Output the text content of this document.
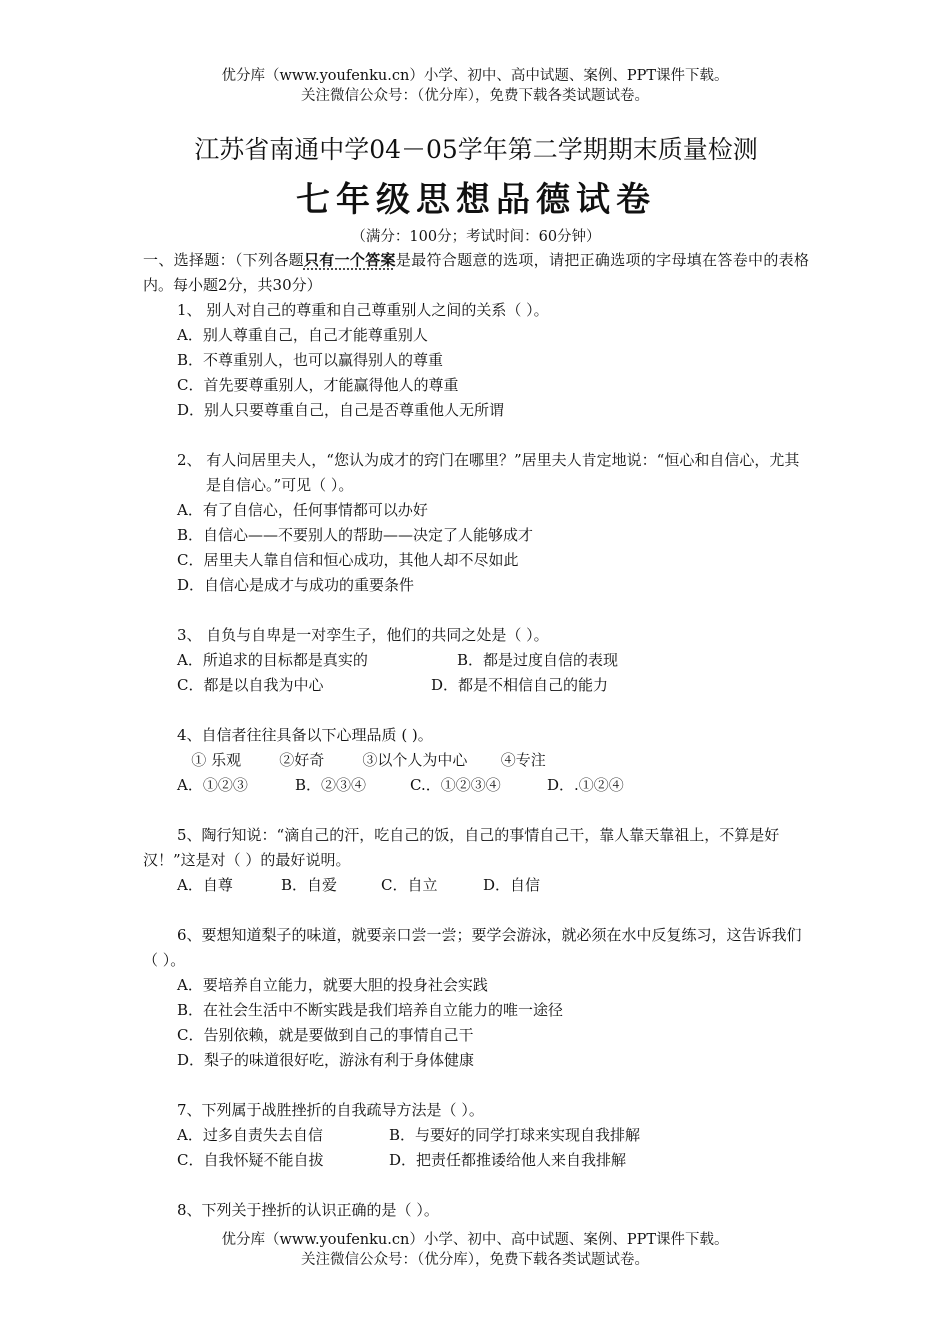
优分库（www.youfenku.cn）小学、初中、高中试题、案例、PPT课件下载。
关注微信公众号：（优分库），免费下载各类试题试卷。

江苏省南通中学04－05学年第二学期期末质量检测

七年级思想品德试卷

（满分：100分；考试时间：60分钟）

一、选择题：（下列各题只有一个答案是最符合题意的选项，请把正确选项的字母填在答卷中的表格内。每小题2分，共30分）

1、 别人对自己的尊重和自己尊重别人之间的关系（ ）。
A．别人尊重自己，自己才能尊重别人
B．不尊重别人，也可以赢得别人的尊重
C．首先要尊重别人，才能赢得他人的尊重
D．别人只要尊重自己，自己是否尊重他人无所谓
2、 有人问居里夫人，“您认为成才的窍门在哪里？”居里夫人肯定地说：“恒心和自信心，尤其是自信心。”可见（ ）。
A．有了自信心，任何事情都可以办好
B．自信心——不要别人的帮助——决定了人能够成才
C．居里夫人靠自信和恒心成功，其他人却不尽如此
D．自信心是成才与成功的重要条件
3、 自负与自卑是一对孪生子，他们的共同之处是（ ）。
A．所追求的目标都是真实的	B．都是过度自信的表现
C．都是以自我为中心	D．都是不相信自己的能力
4、自信者往往具备以下心理品质 ( )。
① 乐观        ②好奇        ③以个人为中心       ④专注
A．①②③	B．②③④	C.．①②③④	D．.①②④
5、陶行知说：“滴自己的汗，吃自己的饭，自己的事情自己干，靠人靠天靠祖上，不算是好汉！”这是对（ ）的最好说明。
A．自尊	B．自爱	C．自立	D．自信
6、要想知道梨子的味道，就要亲口尝一尝；要学会游泳，就必须在水中反复练习，这告诉我们（ ）。
A．要培养自立能力，就要大胆的投身社会实践
B．在社会生活中不断实践是我们培养自立能力的唯一途径
C．告别依赖，就是要做到自己的事情自己干
D．梨子的味道很好吃，游泳有利于身体健康
7、下列属于战胜挫折的自我疏导方法是（ ）。
A．过多自责失去自信	B．与要好的同学打球来实现自我排解
C．自我怀疑不能自拔	D．把责任都推诿给他人来自我排解
8、下列关于挫折的认识正确的是（ ）。
优分库（www.youfenku.cn）小学、初中、高中试题、案例、PPT课件下载。
关注微信公众号：（优分库），免费下载各类试题试卷。
